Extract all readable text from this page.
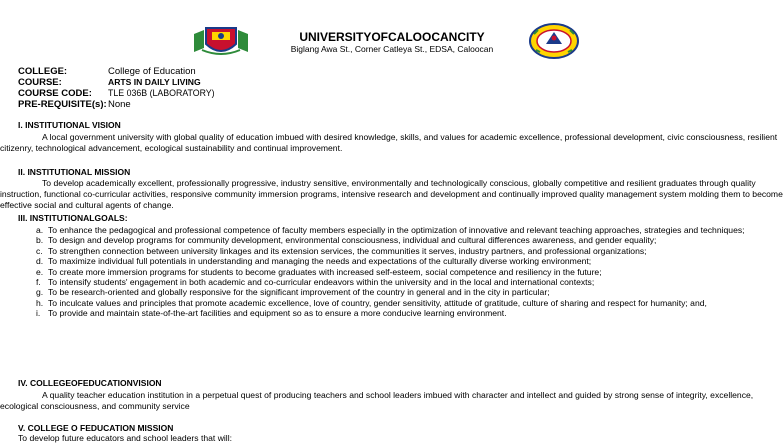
UNIVERSITYOFCALOOCANCITY
Biglang Awa St., Corner Catleya St., EDSA, Caloocan
COLLEGE:	College of Education
COURSE:	ARTS IN DAILY LIVING
COURSE CODE: TLE 036B (LABORATORY)
PRE-REQUISITE(s): None
I. INSTITUTIONAL VISION
A local government university with global quality of education imbued with desired knowledge, skills, and values for academic excellence, professional development, civic consciousness, resilient citizenry, technological advancement, ecological sustainability and continual improvement.
II. INSTITUTIONAL MISSION
To develop academically excellent, professionally progressive, industry sensitive, environmentally and technologically conscious, globally competitive and resilient graduates through quality instruction, functional co-curricular activities, responsive community immersion programs, intensive research and development and continually improved quality management system molding them to become effective social and cultural agents of change.
III. INSTITUTIONALGOALS:
a. To enhance the pedagogical and professional competence of faculty members especially in the optimization of innovative and relevant teaching approaches, strategies and techniques;
b. To design and develop programs for community development, environmental consciousness, individual and cultural differences awareness, and gender equality;
c. To strengthen connection between university linkages and its extension services, the communities it serves, industry partners, and professional organizations;
d. To maximize individual full potentials in understanding and managing the needs and expectations of the culturally diverse working environment;
e. To create more immersion programs for students to become graduates with increased self-esteem, social competence and resiliency in the future;
f. To intensify students' engagement in both academic and co-curricular endeavors within the university and in the local and international contexts;
g. To be research-oriented and globally responsive for the significant improvement of the country in general and in the city in particular;
h. To inculcate values and principles that promote academic excellence, love of country, gender sensitivity, attitude of gratitude, culture of sharing and respect for humanity; and,
i. To provide and maintain state-of-the-art facilities and equipment so as to ensure a more conducive learning environment.
IV. COLLEGEOFEDUCATIONVISION
A quality teacher education institution in a perpetual quest of producing teachers and school leaders imbued with character and intellect and guided by strong sense of integrity, excellence, ecological consciousness, and community service
V. COLLEGE O FEDUCATION MISSION
To develop future educators and school leaders that will:
